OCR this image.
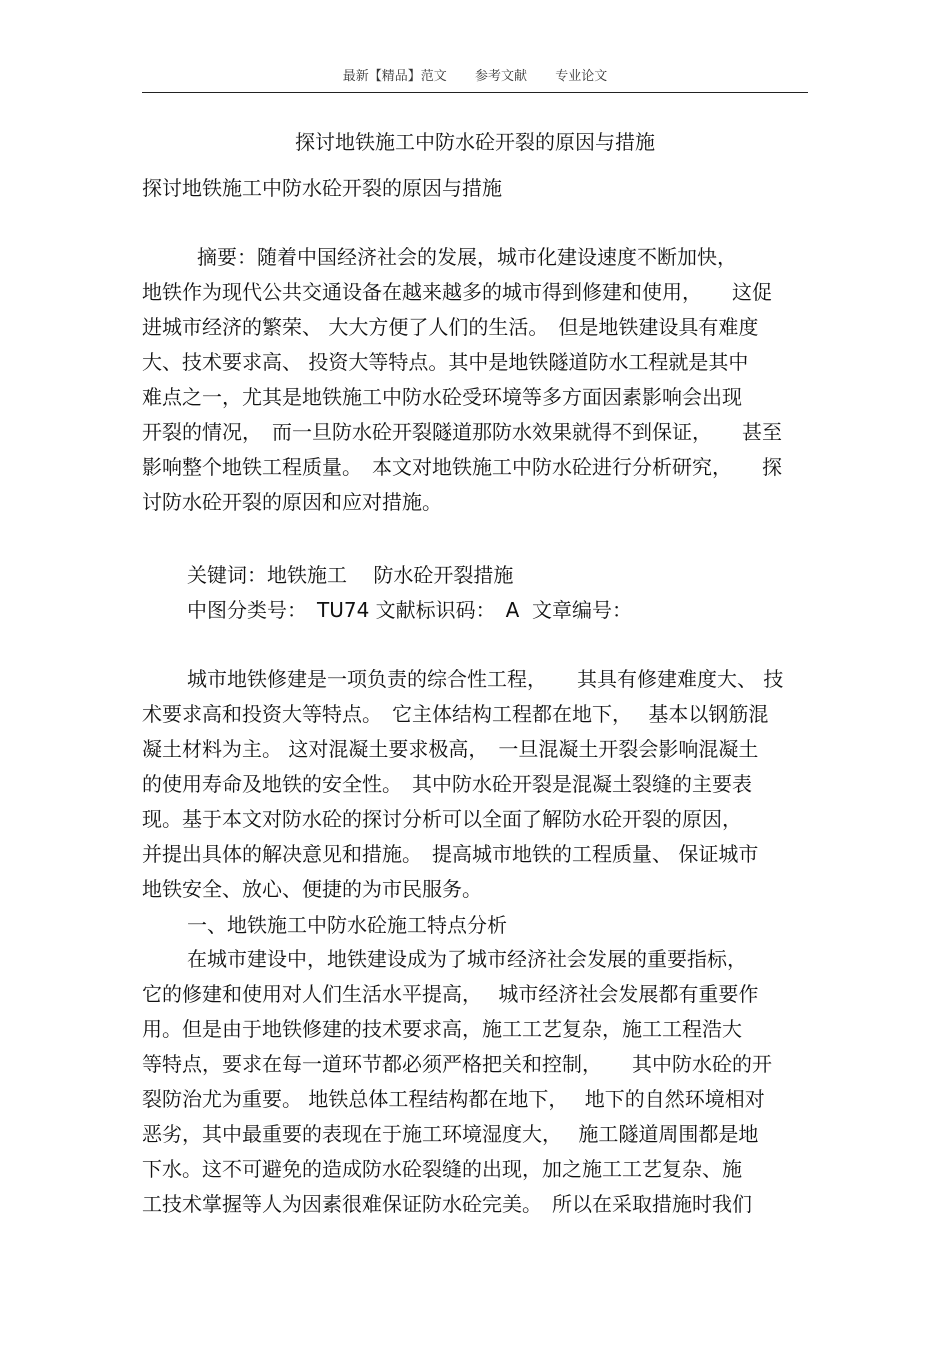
最新【精品】范文 参考文献 专业论文
探讨地铁施工中防水砼开裂的原因与措施
探讨地铁施工中防水砼开裂的原因与措施
摘要：随着中国经济社会的发展，城市化建设速度不断加快，
地铁作为现代公共交通设备在越来越多的城市得到修建和使用，　　这促
进城市经济的繁荣、 大大方便了人们的生活。　但是地铁建设具有难度
大、技术要求高、 投资大等特点。其中是地铁隧道防水工程就是其中
难点之一，尤其是地铁施工中防水砼受环境等多方面因素影响会出现
开裂的情况，　而一旦防水砼开裂隧道那防水效果就得不到保证，　　甚至
影响整个地铁工程质量。　本文对地铁施工中防水砼进行分析研究，　　探
讨防水砼开裂的原因和应对措施。
关键词：地铁施工　 防水砼开裂措施
中图分类号：　TU74 文献标识码：　A  文章编号：
城市地铁修建是一项负责的综合性工程，　　其具有修建难度大、 技
术要求高和投资大等特点。　它主体结构工程都在地下，　 基本以钢筋混
凝土材料为主。 这对混凝土要求极高，　一旦混凝土开裂会影响混凝土
的使用寿命及地铁的安全性。　其中防水砼开裂是混凝土裂缝的主要表
现。基于本文对防水砼的探讨分析可以全面了解防水砼开裂的原因，
并提出具体的解决意见和措施。　提高城市地铁的工程质量、 保证城市
地铁安全、放心、便捷的为市民服务。
一、地铁施工中防水砼施工特点分析
在城市建设中，地铁建设成为了城市经济社会发展的重要指标，
它的修建和使用对人们生活水平提高，　 城市经济社会发展都有重要作
用。但是由于地铁修建的技术要求高，施工工艺复杂，施工工程浩大
等特点，要求在每一道环节都必须严格把关和控制，　　其中防水砼的开
裂防治尤为重要。 地铁总体工程结构都在地下，　 地下的自然环境相对
恶劣，其中最重要的表现在于施工环境湿度大，　 施工隧道周围都是地
下水。这不可避免的造成防水砼裂缝的出现，加之施工工艺复杂、施
工技术掌握等人为因素很难保证防水砼完美。　所以在采取措施时我们
